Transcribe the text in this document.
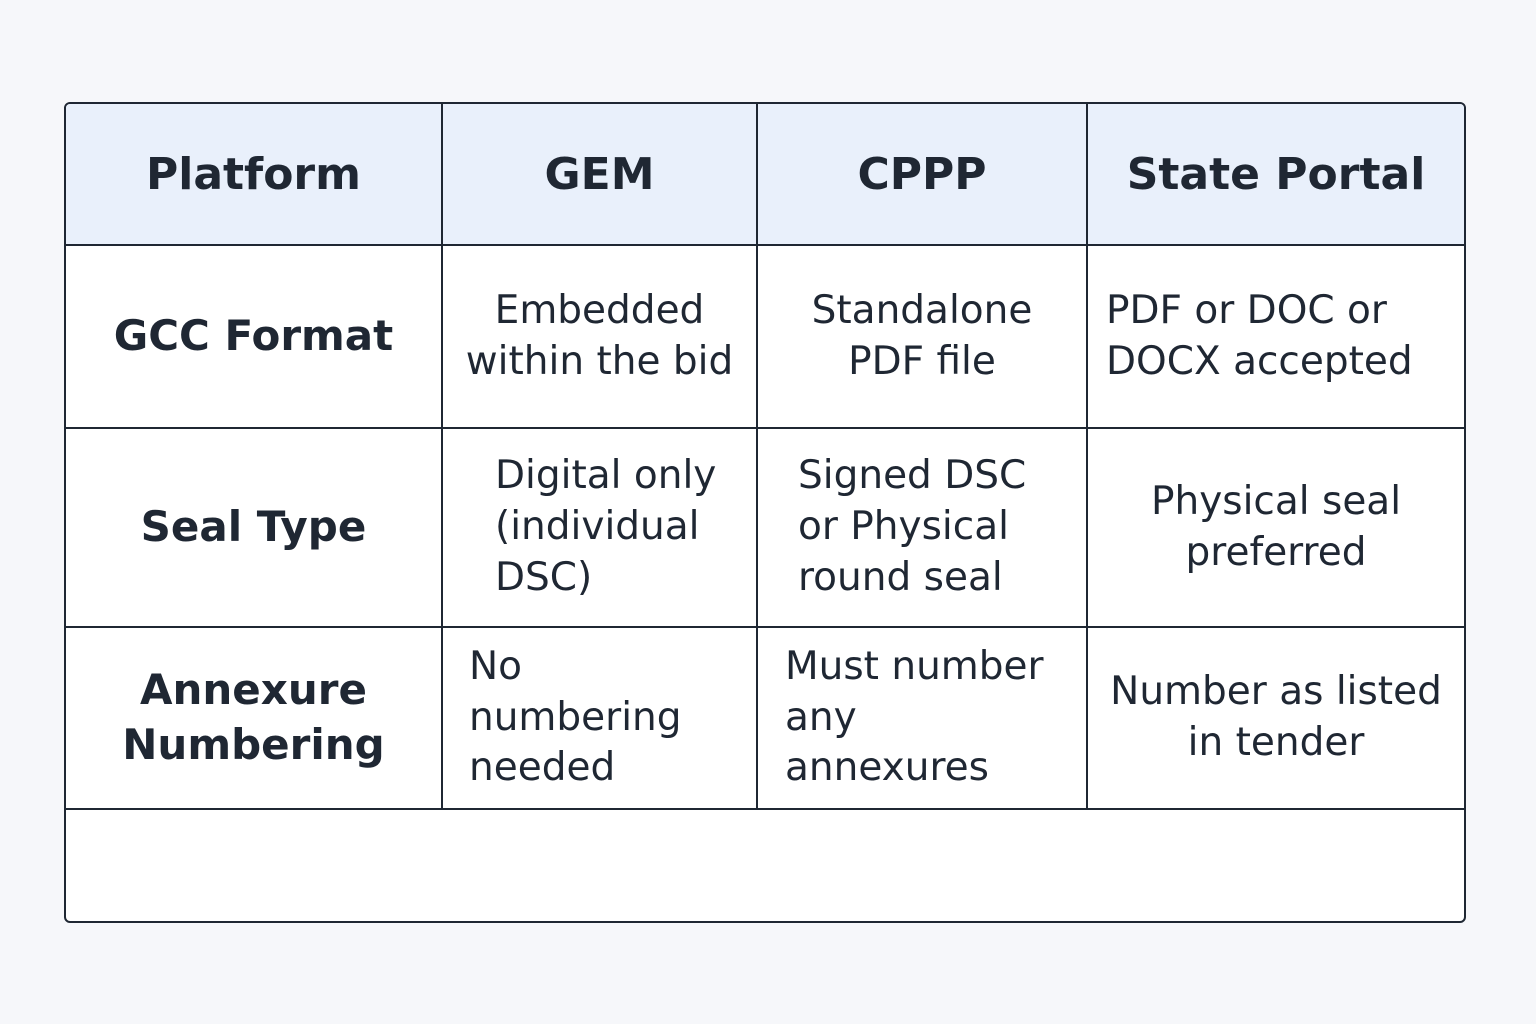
Platform	GEM	CPPP	State Portal
GCC Format	Embedded within the bid	Standalone PDF file	PDF or DOC or DOCX accepted
Seal Type	Digital only (individual DSC)	Signed DSC or Physical round seal	Physical seal preferred
Annexure Numbering	No numbering needed	Must number any annexures	Number as listed in tender
